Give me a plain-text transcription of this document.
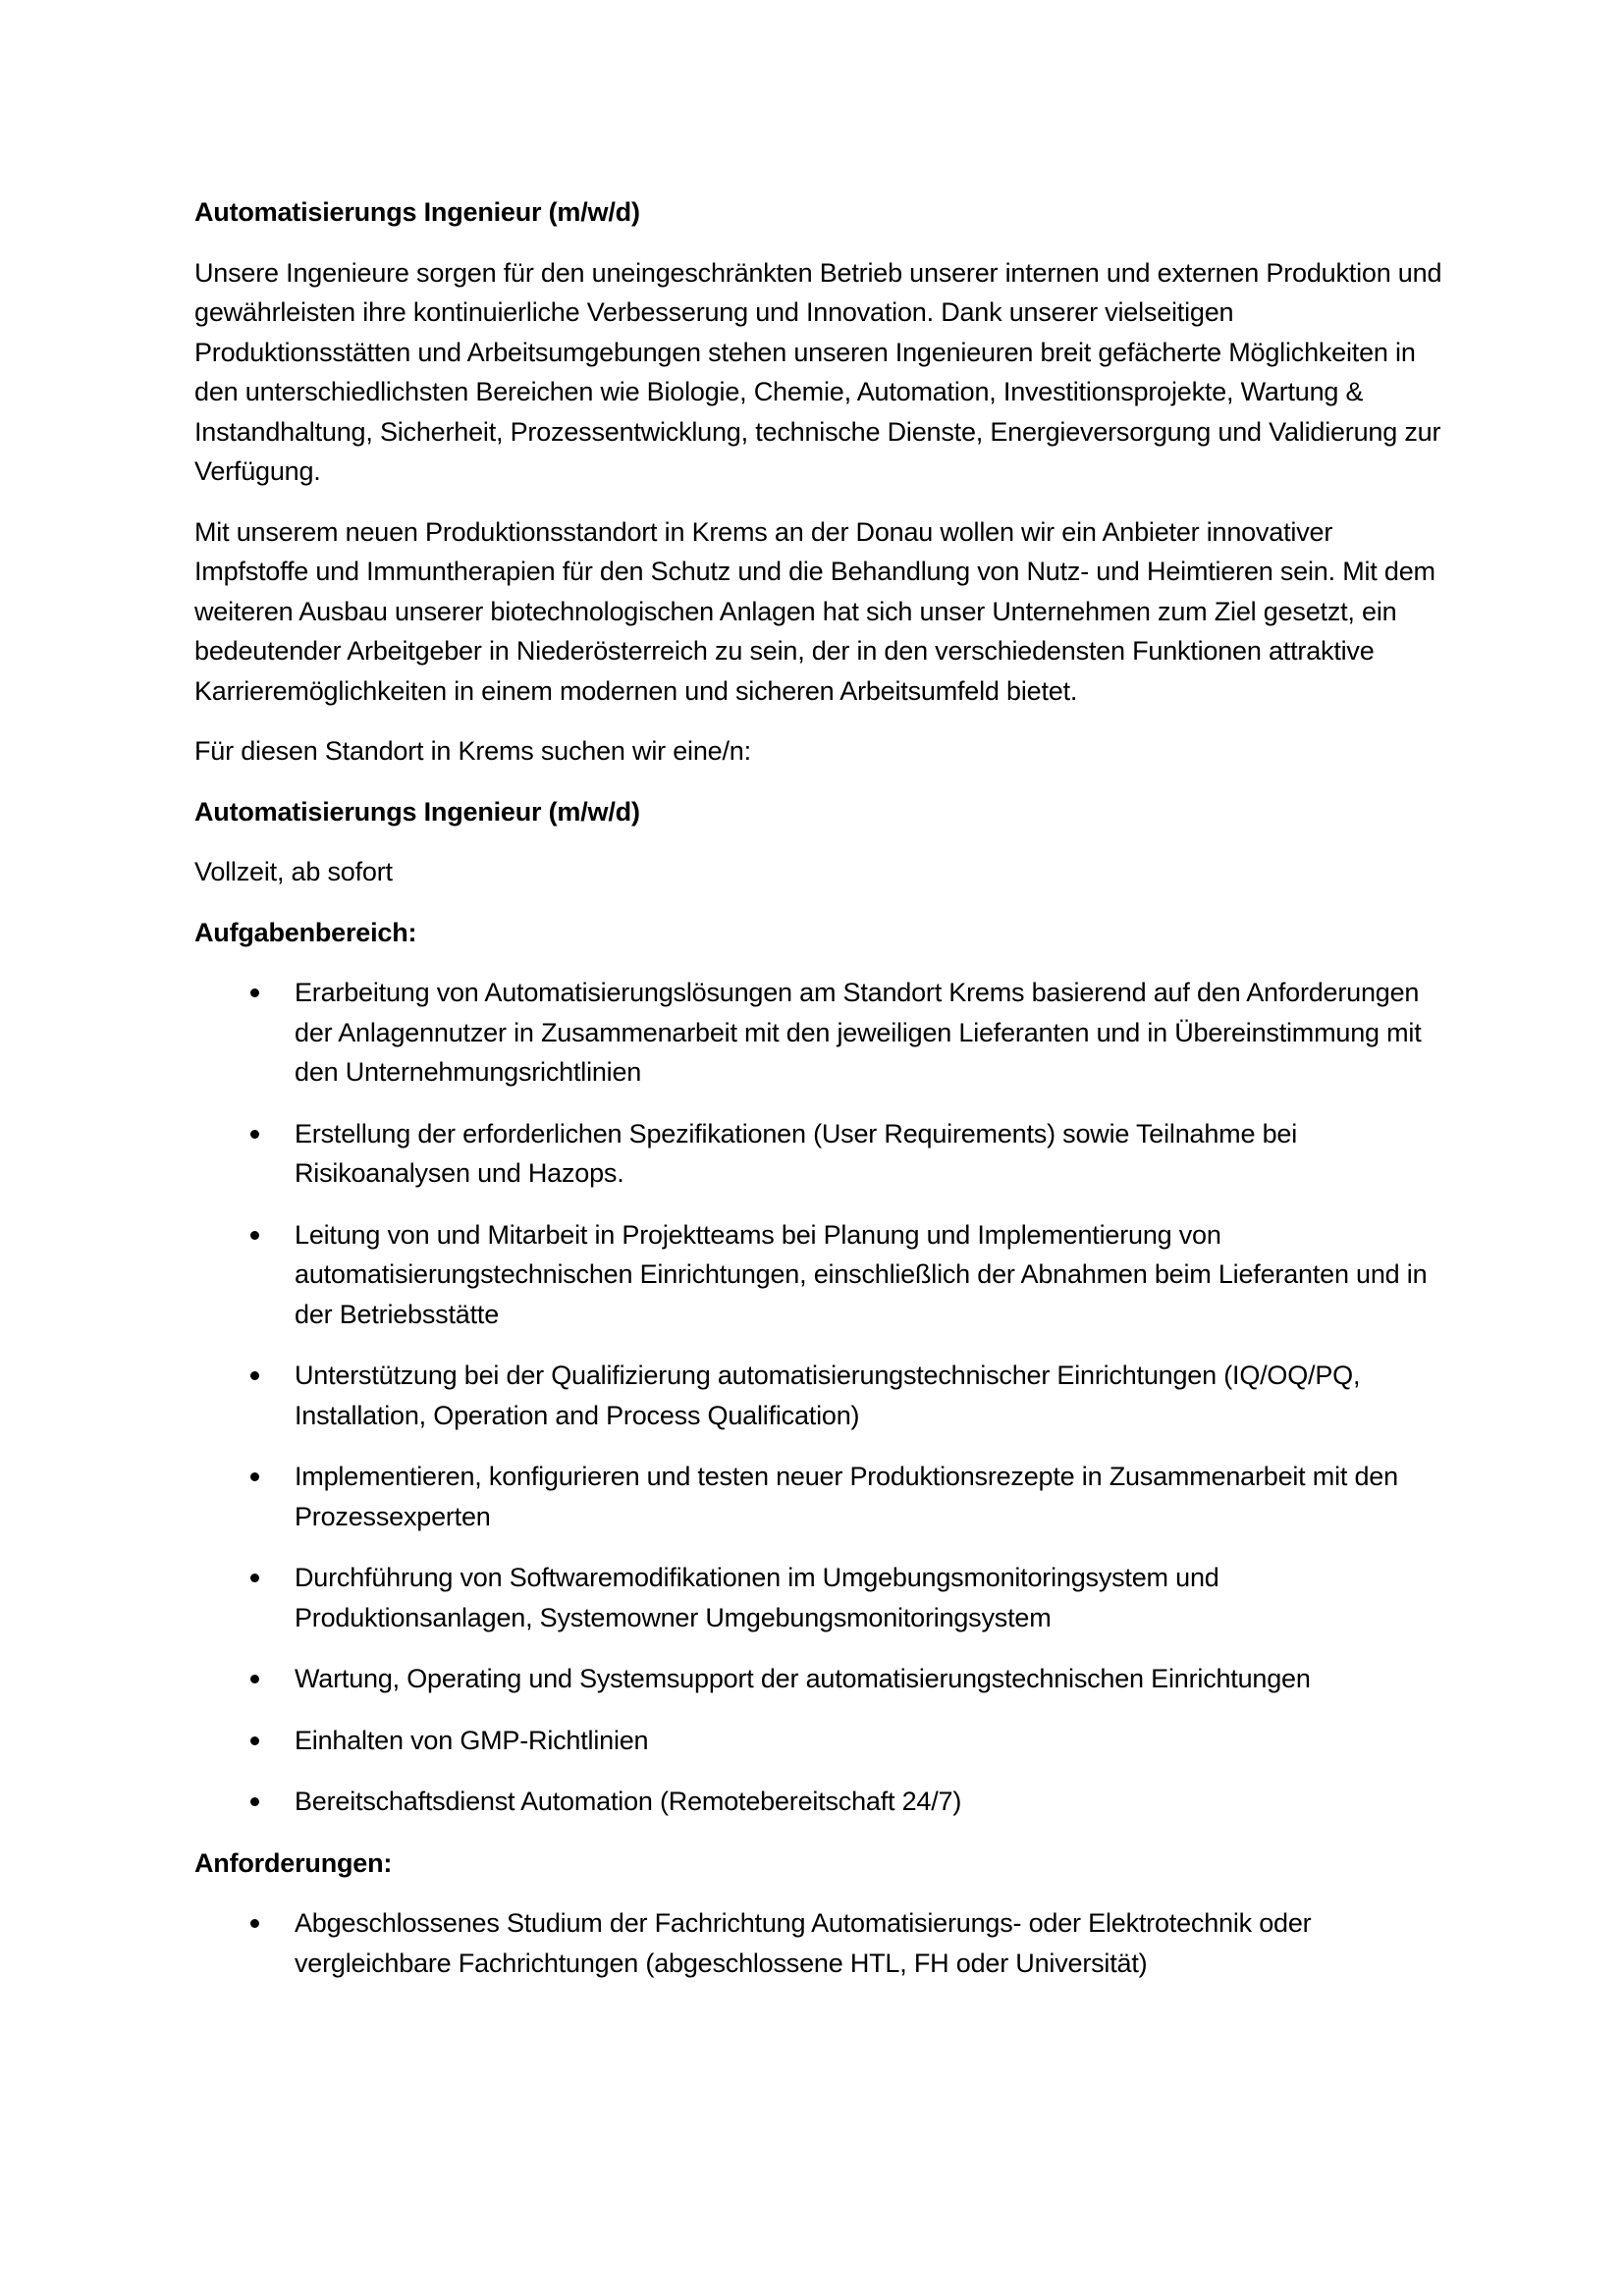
Automatisierungs Ingenieur (m/w/d)

Unsere Ingenieure sorgen für den uneingeschränkten Betrieb unserer internen und externen Produktion und gewährleisten ihre kontinuierliche Verbesserung und Innovation. Dank unserer vielseitigen Produktionsstätten und Arbeitsumgebungen stehen unseren Ingenieuren breit gefächerte Möglichkeiten in den unterschiedlichsten Bereichen wie Biologie, Chemie, Automation, Investitionsprojekte, Wartung & Instandhaltung, Sicherheit, Prozessentwicklung, technische Dienste, Energieversorgung und Validierung zur Verfügung.

Mit unserem neuen Produktionsstandort in Krems an der Donau wollen wir ein Anbieter innovativer Impfstoffe und Immuntherapien für den Schutz und die Behandlung von Nutz- und Heimtieren sein. Mit dem weiteren Ausbau unserer biotechnologischen Anlagen hat sich unser Unternehmen zum Ziel gesetzt, ein bedeutender Arbeitgeber in Niederösterreich zu sein, der in den verschiedensten Funktionen attraktive Karrieremöglichkeiten in einem modernen und sicheren Arbeitsumfeld bietet.

Für diesen Standort in Krems suchen wir eine/n:

Automatisierungs Ingenieur (m/w/d)

Vollzeit, ab sofort

Aufgabenbereich:

Erarbeitung von Automatisierungslösungen am Standort Krems basierend auf den Anforderungen der Anlagennutzer in Zusammenarbeit mit den jeweiligen Lieferanten und in Übereinstimmung mit den Unternehmungsrichtlinien
Erstellung der erforderlichen Spezifikationen (User Requirements) sowie Teilnahme bei Risikoanalysen und Hazops.
Leitung von und Mitarbeit in Projektteams bei Planung und Implementierung von automatisierungstechnischen Einrichtungen, einschließlich der Abnahmen beim Lieferanten und in der Betriebsstätte
Unterstützung bei der Qualifizierung automatisierungstechnischer Einrichtungen (IQ/OQ/PQ, Installation, Operation and Process Qualification)
Implementieren, konfigurieren und testen neuer Produktionsrezepte in Zusammenarbeit mit den Prozessexperten
Durchführung von Softwaremodifikationen im Umgebungsmonitoringsystem und Produktionsanlagen, Systemowner Umgebungsmonitoringsystem
Wartung, Operating und Systemsupport der automatisierungstechnischen Einrichtungen
Einhalten von GMP-Richtlinien
Bereitschaftsdienst Automation (Remotebereitschaft 24/7)

Anforderungen:

Abgeschlossenes Studium der Fachrichtung Automatisierungs- oder Elektrotechnik oder vergleichbare Fachrichtungen (abgeschlossene HTL, FH oder Universität)
